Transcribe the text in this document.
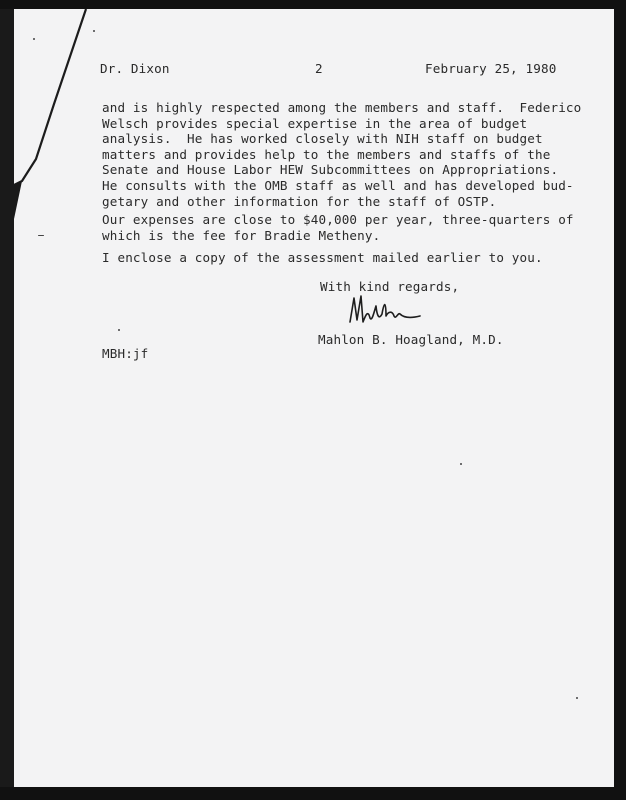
Dr. Dixon	2	February 25, 1980
and is highly respected among the members and staff.  Federico
Welsch provides special expertise in the area of budget
analysis.  He has worked closely with NIH staff on budget
matters and provides help to the members and staffs of the
Senate and House Labor HEW Subcommittees on Appropriations.
He consults with the OMB staff as well and has developed bud-
getary and other information for the staff of OSTP.
Our expenses are close to $40,000 per year, three-quarters of
which is the fee for Bradie Metheny.
I enclose a copy of the assessment mailed earlier to you.
With kind regards,
Mahlon B. Hoagland, M.D.
MBH:jf
